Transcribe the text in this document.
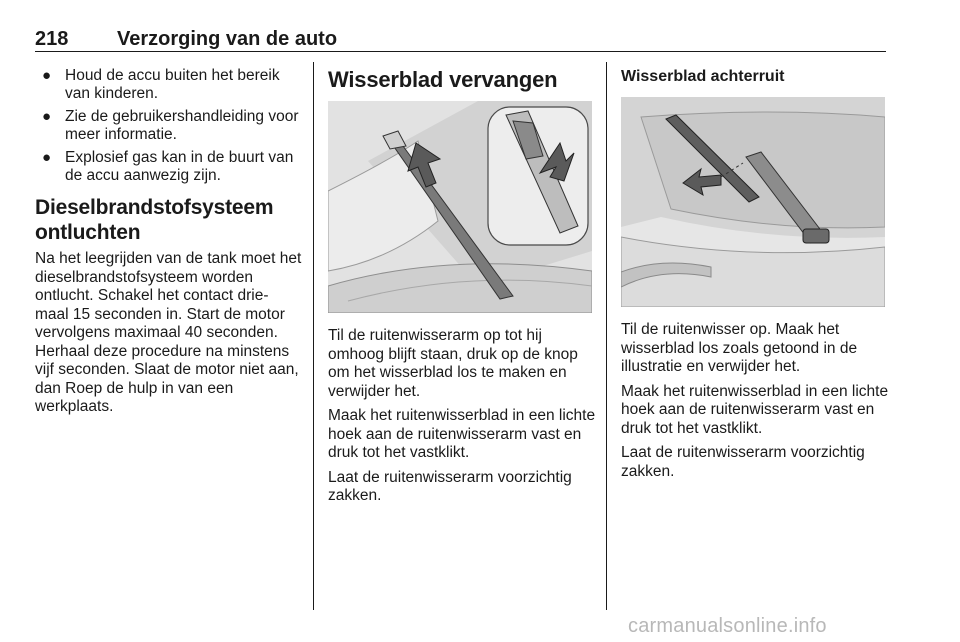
218 Verzorging van de auto
● Houd de accu buiten het bereik van kinderen.
● Zie de gebruikershandleiding voor meer informatie.
● Explosief gas kan in de buurt van de accu aanwezig zijn.
Dieselbrandstofsysteem ontluchten

Na het leegrijden van de tank moet het dieselbrandstofsysteem worden ontlucht. Schakel het contact drie- maal 15 seconden in. Start de motor vervolgens maximaal 40 seconden. Herhaal deze procedure na minstens vijf seconden. Slaat de motor niet aan, dan Roep de hulp in van een werkplaats.

Wisserblad vervangen

Til de ruitenwisserarm op tot hij omhoog blijft staan, druk op de knop om het wisserblad los te maken en verwijder het.

Maak het ruitenwisserblad in een lichte hoek aan de ruitenwisserarm vast en druk tot het vastklikt.

Laat de ruitenwisserarm voorzichtig zakken.

Wisserblad achterruit

Til de ruitenwisser op. Maak het wisserblad los zoals getoond in de illustratie en verwijder het.

Maak het ruitenwisserblad in een lichte hoek aan de ruitenwisserarm vast en druk tot het vastklikt.

Laat de ruitenwisserarm voorzichtig zakken.

carmanualsonline.info
